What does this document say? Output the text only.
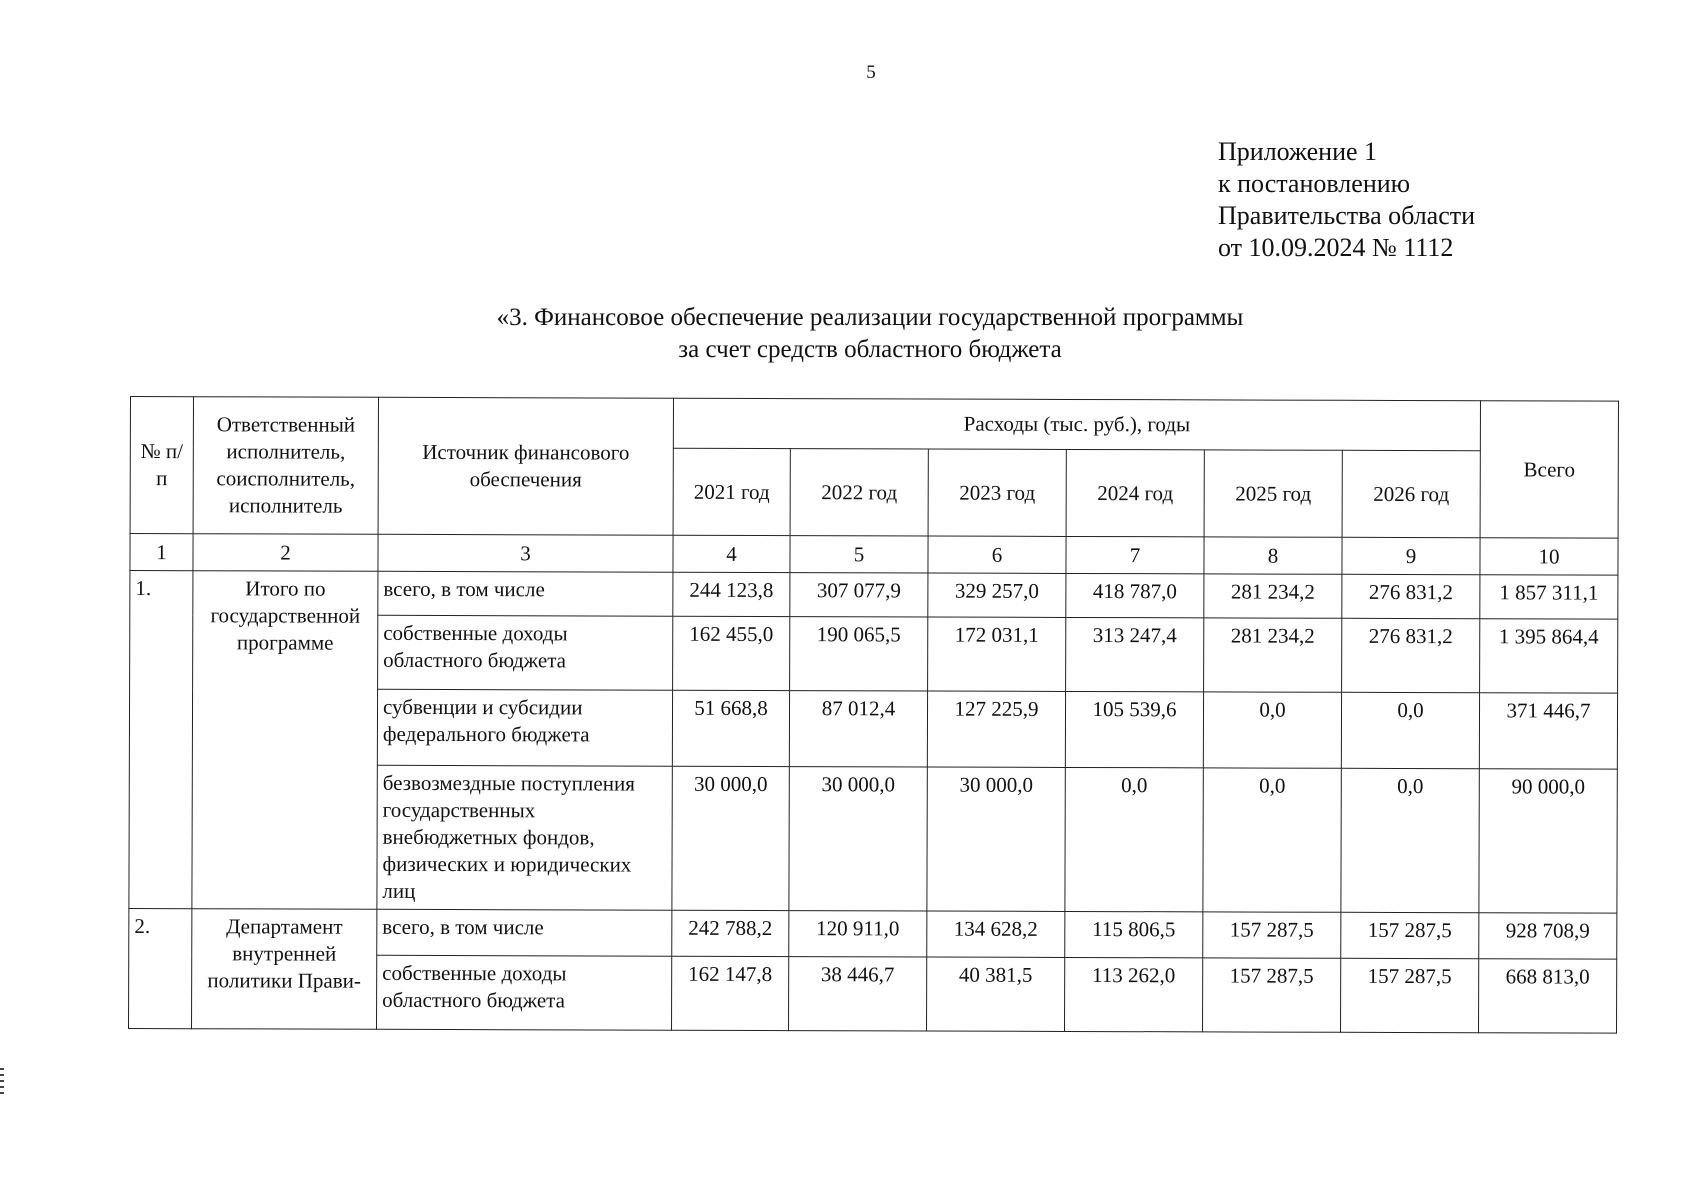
5
Приложение 1
к постановлению
Правительства области
от 10.09.2024 № 1112
«3. Финансовое обеспечение реализации государственной программы
за счет средств областного бюджета
№ п/п	Ответственный исполнитель, соисполнитель, исполнитель	Источник финансового обеспечения	Расходы (тыс. руб.), годы						Всего
			2021 год	2022 год	2023 год	2024 год	2025 год	2026 год	
1	2	3	4	5	6	7	8	9	10
1.	Итого по государственной программе	всего, в том числе	244 123,8	307 077,9	329 257,0	418 787,0	281 234,2	276 831,2	1 857 311,1
		собственные доходы областного бюджета	162 455,0	190 065,5	172 031,1	313 247,4	281 234,2	276 831,2	1 395 864,4
		субвенции и субсидии федерального бюджета	51 668,8	87 012,4	127 225,9	105 539,6	0,0	0,0	371 446,7
		безвозмездные поступления государственных внебюджетных фондов, физических и юридических лиц	30 000,0	30 000,0	30 000,0	0,0	0,0	0,0	90 000,0
2.	Департамент внутренней политики Прави-	всего, в том числе	242 788,2	120 911,0	134 628,2	115 806,5	157 287,5	157 287,5	928 708,9
		собственные доходы областного бюджета	162 147,8	38 446,7	40 381,5	113 262,0	157 287,5	157 287,5	668 813,0
